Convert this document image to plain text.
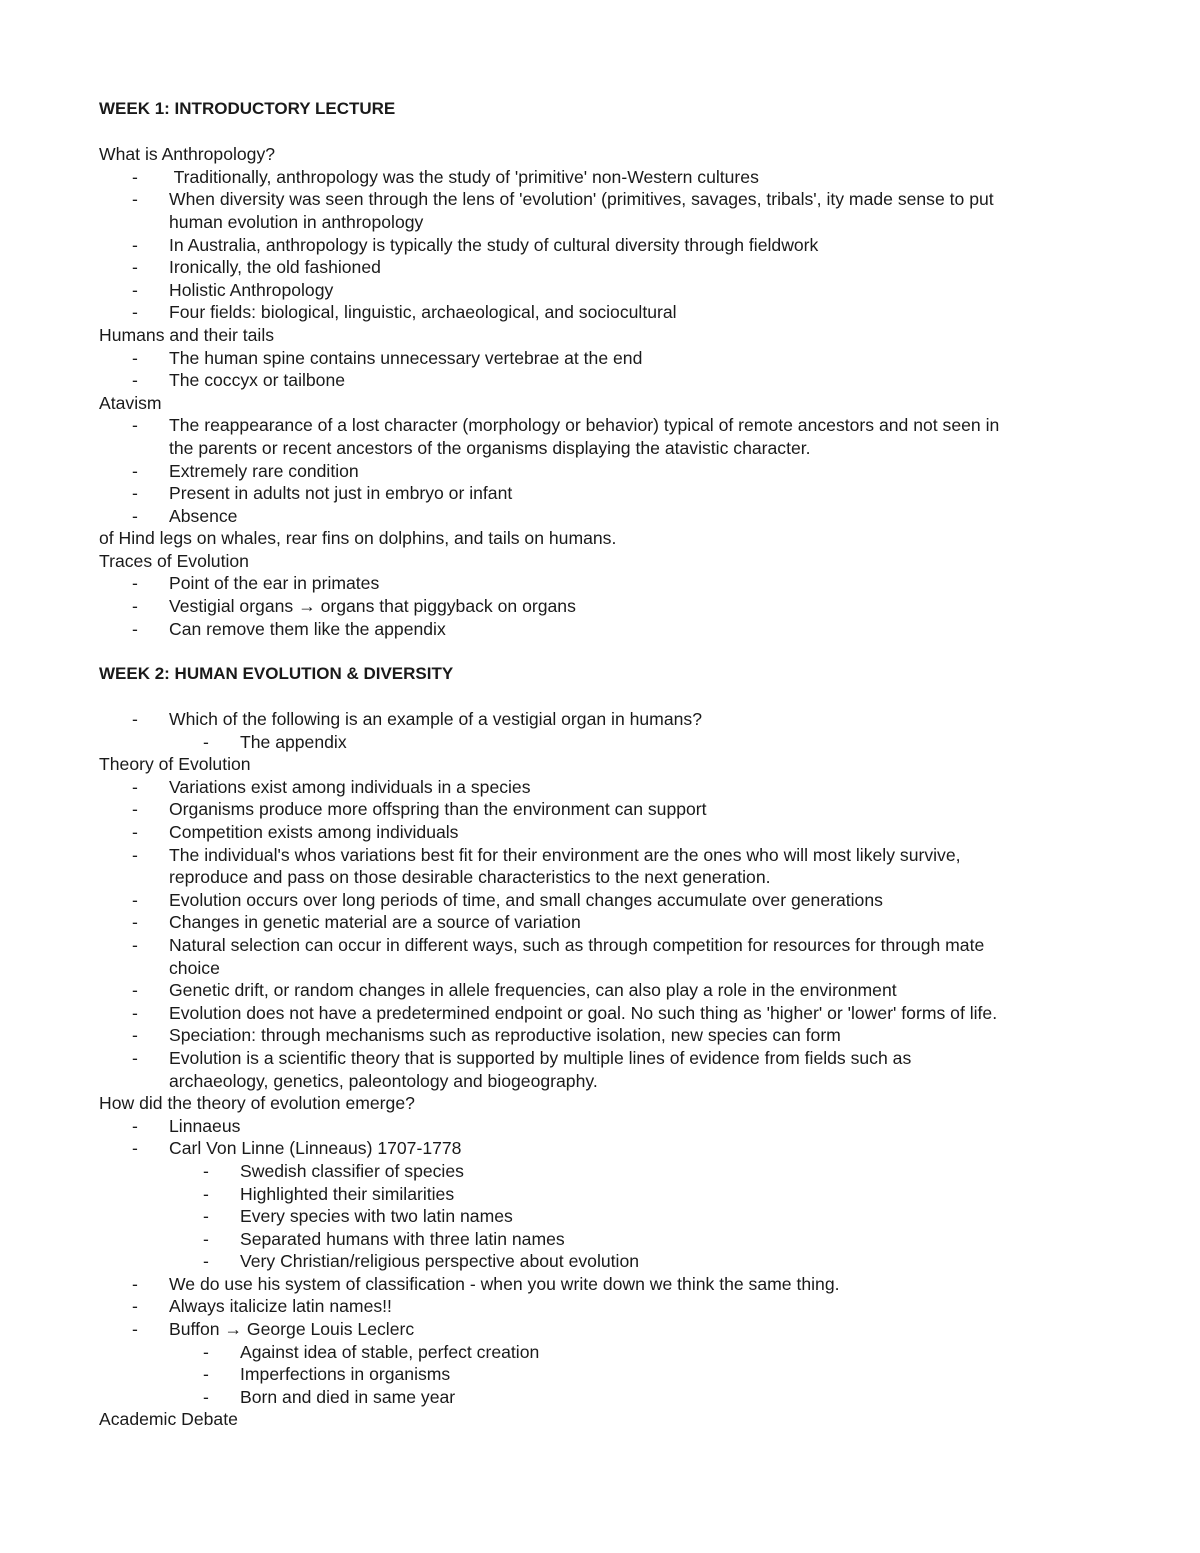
WEEK 1: INTRODUCTORY LECTURE
What is Anthropology?
- Traditionally, anthropology was the study of 'primitive' non-Western cultures
- When diversity was seen through the lens of 'evolution' (primitives, savages, tribals', ity made sense to put
human evolution in anthropology
- In Australia, anthropology is typically the study of cultural diversity through fieldwork
- Ironically, the old fashioned
- Holistic Anthropology
- Four fields: biological, linguistic, archaeological, and sociocultural
Humans and their tails
- The human spine contains unnecessary vertebrae at the end
- The coccyx or tailbone
Atavism
- The reappearance of a lost character (morphology or behavior) typical of remote ancestors and not seen in
the parents or recent ancestors of the organisms displaying the atavistic character.
- Extremely rare condition
- Present in adults not just in embryo or infant
- Absence
of Hind legs on whales, rear fins on dolphins, and tails on humans.
Traces of Evolution
- Point of the ear in primates
- Vestigial organs → organs that piggyback on organs
- Can remove them like the appendix
WEEK 2: HUMAN EVOLUTION & DIVERSITY
- Which of the following is an example of a vestigial organ in humans?
- The appendix
Theory of Evolution
- Variations exist among individuals in a species
- Organisms produce more offspring than the environment can support
- Competition exists among individuals
- The individual's whos variations best fit for their environment are the ones who will most likely survive,
reproduce and pass on those desirable characteristics to the next generation.
- Evolution occurs over long periods of time, and small changes accumulate over generations
- Changes in genetic material are a source of variation
- Natural selection can occur in different ways, such as through competition for resources for through mate
choice
- Genetic drift, or random changes in allele frequencies, can also play a role in the environment
- Evolution does not have a predetermined endpoint or goal. No such thing as 'higher' or 'lower' forms of life.
- Speciation: through mechanisms such as reproductive isolation, new species can form
- Evolution is a scientific theory that is supported by multiple lines of evidence from fields such as
archaeology, genetics, paleontology and biogeography.
How did the theory of evolution emerge?
- Linnaeus
- Carl Von Linne (Linneaus) 1707-1778
- Swedish classifier of species
- Highlighted their similarities
- Every species with two latin names
- Separated humans with three latin names
- Very Christian/religious perspective about evolution
- We do use his system of classification - when you write down we think the same thing.
- Always italicize latin names!!
- Buffon → George Louis Leclerc
- Against idea of stable, perfect creation
- Imperfections in organisms
- Born and died in same year
Academic Debate
